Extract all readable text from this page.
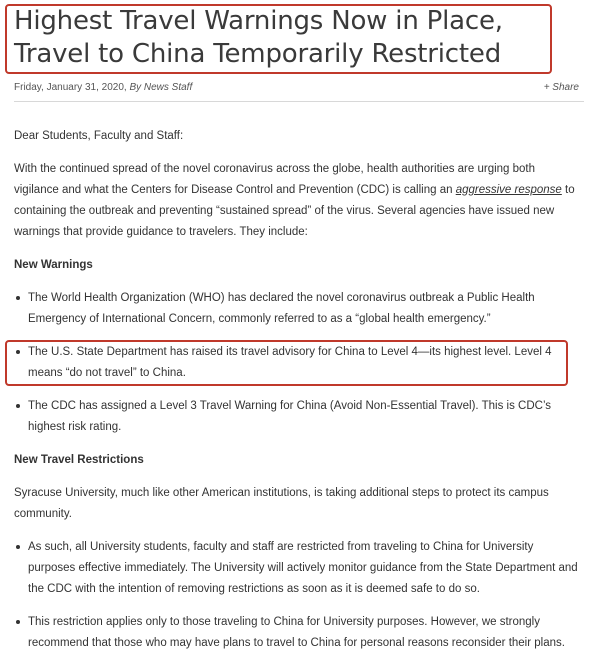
Highest Travel Warnings Now in Place, Travel to China Temporarily Restricted
Friday, January 31, 2020, By News Staff	+ Share

Dear Students, Faculty and Staff:

With the continued spread of the novel coronavirus across the globe, health authorities are urging both vigilance and what the Centers for Disease Control and Prevention (CDC) is calling an aggressive response to containing the outbreak and preventing “sustained spread” of the virus. Several agencies have issued new warnings that provide guidance to travelers. They include:

New Warnings
The World Health Organization (WHO) has declared the novel coronavirus outbreak a Public Health Emergency of International Concern, commonly referred to as a “global health emergency.”
The U.S. State Department has raised its travel advisory for China to Level 4—its highest level. Level 4 means “do not travel” to China.
The CDC has assigned a Level 3 Travel Warning for China (Avoid Non-Essential Travel). This is CDC’s highest risk rating.
New Travel Restrictions

Syracuse University, much like other American institutions, is taking additional steps to protect its campus community.

As such, all University students, faculty and staff are restricted from traveling to China for University purposes effective immediately. The University will actively monitor guidance from the State Department and the CDC with the intention of removing restrictions as soon as it is deemed safe to do so.
This restriction applies only to those traveling to China for University purposes. However, we strongly recommend that those who may have plans to travel to China for personal reasons reconsider their plans.
